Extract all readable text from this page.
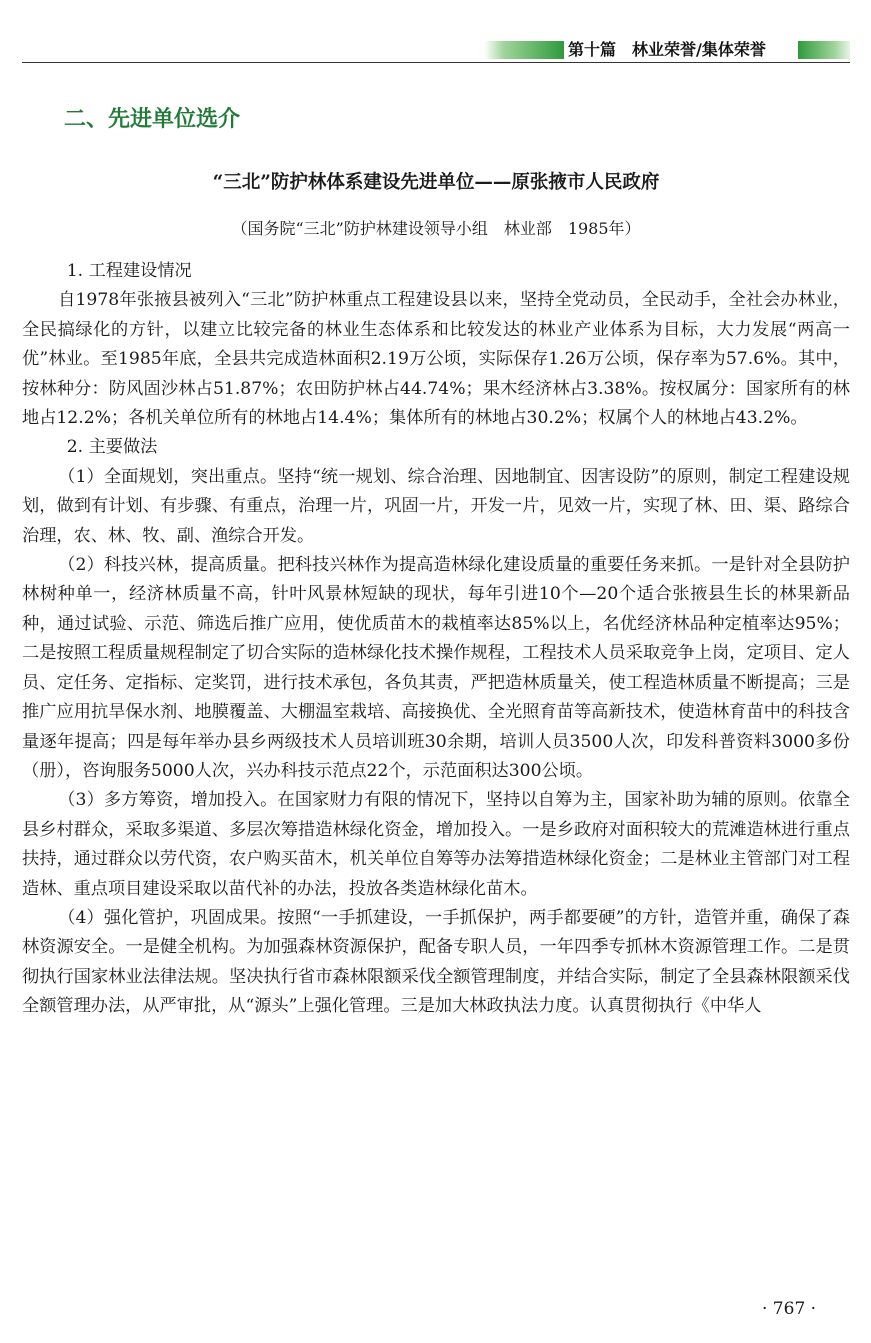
第十篇　林业荣誉/集体荣誉
二、先进单位选介
“三北”防护林体系建设先进单位——原张掖市人民政府
（国务院“三北”防护林建设领导小组　林业部　1985年）

1. 工程建设情况

自1978年张掖县被列入“三北”防护林重点工程建设县以来，坚持全党动员，全民动手，全社会办林业，全民搞绿化的方针，以建立比较完备的林业生态体系和比较发达的林业产业体系为目标，大力发展“两高一优”林业。至1985年底，全县共完成造林面积2.19万公顷，实际保存1.26万公顷，保存率为57.6%。其中，按林种分：防风固沙林占51.87%；农田防护林占44.74%；果木经济林占3.38%。按权属分：国家所有的林地占12.2%；各机关单位所有的林地占14.4%；集体所有的林地占30.2%；权属个人的林地占43.2%。

2. 主要做法

（1）全面规划，突出重点。坚持“统一规划、综合治理、因地制宜、因害设防”的原则，制定工程建设规划，做到有计划、有步骤、有重点，治理一片，巩固一片，开发一片，见效一片，实现了林、田、渠、路综合治理，农、林、牧、副、渔综合开发。

（2）科技兴林，提高质量。把科技兴林作为提高造林绿化建设质量的重要任务来抓。一是针对全县防护林树种单一，经济林质量不高，针叶风景林短缺的现状，每年引进10个—20个适合张掖县生长的林果新品种，通过试验、示范、筛选后推广应用，使优质苗木的栽植率达85%以上，名优经济林品种定植率达95%；二是按照工程质量规程制定了切合实际的造林绿化技术操作规程，工程技术人员采取竞争上岗，定项目、定人员、定任务、定指标、定奖罚，进行技术承包，各负其责，严把造林质量关，使工程造林质量不断提高；三是推广应用抗旱保水剂、地膜覆盖、大棚温室栽培、高接换优、全光照育苗等高新技术，使造林育苗中的科技含量逐年提高；四是每年举办县乡两级技术人员培训班30余期，培训人员3500人次，印发科普资料3000多份（册），咨询服务5000人次，兴办科技示范点22个，示范面积达300公顷。

（3）多方筹资，增加投入。在国家财力有限的情况下，坚持以自筹为主，国家补助为辅的原则。依靠全县乡村群众，采取多渠道、多层次筹措造林绿化资金，增加投入。一是乡政府对面积较大的荒滩造林进行重点扶持，通过群众以劳代资，农户购买苗木，机关单位自筹等办法筹措造林绿化资金；二是林业主管部门对工程造林、重点项目建设采取以苗代补的办法，投放各类造林绿化苗木。

（4）强化管护，巩固成果。按照“一手抓建设，一手抓保护，两手都要硬”的方针，造管并重，确保了森林资源安全。一是健全机构。为加强森林资源保护，配备专职人员，一年四季专抓林木资源管理工作。二是贯彻执行国家林业法律法规。坚决执行省市森林限额采伐全额管理制度，并结合实际，制定了全县森林限额采伐全额管理办法，从严审批，从“源头”上强化管理。三是加大林政执法力度。认真贯彻执行《中华人

· 767 ·
